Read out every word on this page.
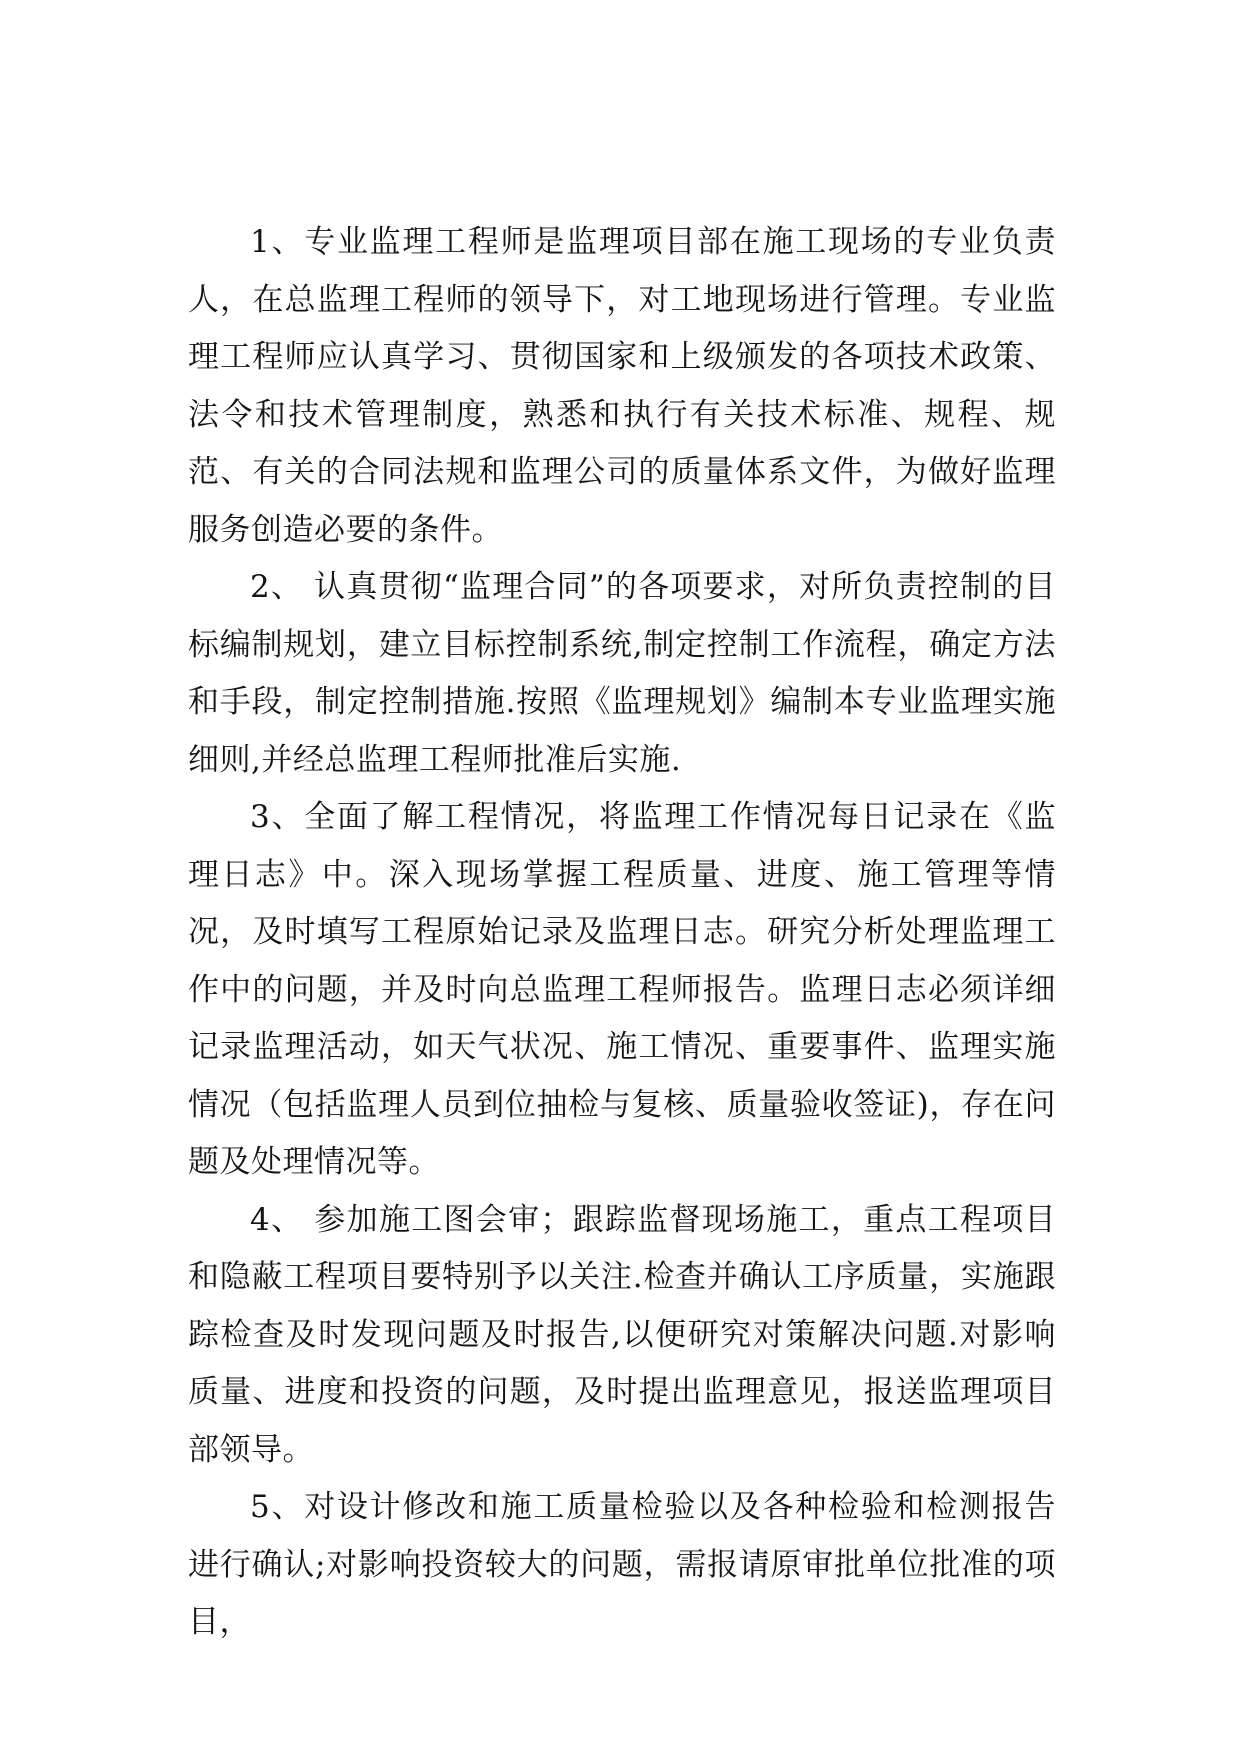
1、专业监理工程师是监理项目部在施工现场的专业负责人，在总监理工程师的领导下，对工地现场进行管理。专业监理工程师应认真学习、贯彻国家和上级颁发的各项技术政策、法令和技术管理制度，熟悉和执行有关技术标准、规程、规范、有关的合同法规和监理公司的质量体系文件，为做好监理服务创造必要的条件。

2、 认真贯彻“监理合同”的各项要求，对所负责控制的目标编制规划，建立目标控制系统,制定控制工作流程，确定方法和手段，制定控制措施.按照《监理规划》编制本专业监理实施细则,并经总监理工程师批准后实施.

3、全面了解工程情况，将监理工作情况每日记录在《监理日志》中。深入现场掌握工程质量、进度、施工管理等情况，及时填写工程原始记录及监理日志。研究分析处理监理工作中的问题，并及时向总监理工程师报告。监理日志必须详细记录监理活动，如天气状况、施工情况、重要事件、监理实施情况（包括监理人员到位抽检与复核、质量验收签证)，存在问题及处理情况等。

4、 参加施工图会审；跟踪监督现场施工，重点工程项目和隐蔽工程项目要特别予以关注.检查并确认工序质量，实施跟踪检查及时发现问题及时报告,以便研究对策解决问题.对影响质量、进度和投资的问题，及时提出监理意见，报送监理项目部领导。

5、对设计修改和施工质量检验以及各种检验和检测报告进行确认;对影响投资较大的问题，需报请原审批单位批准的项目，
